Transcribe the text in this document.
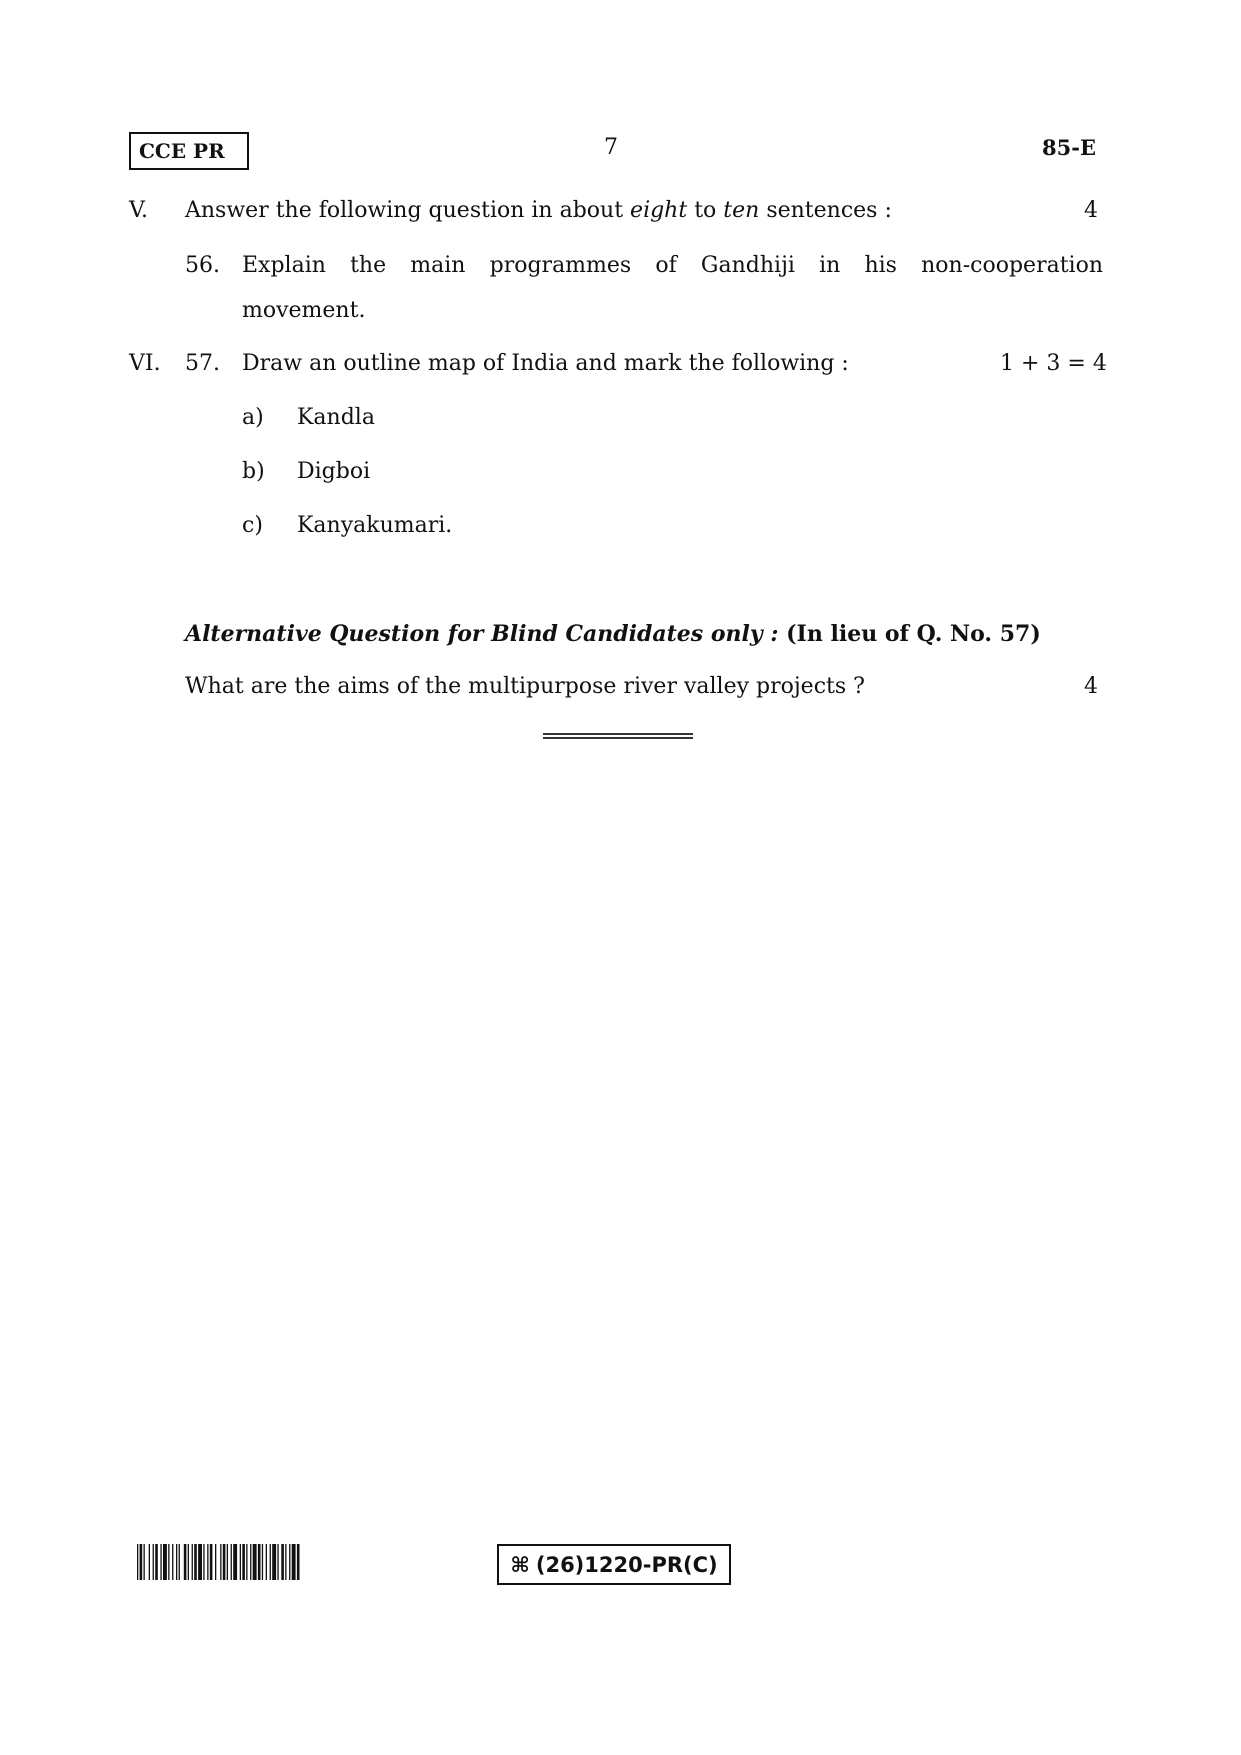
CCE PR	7	85-E
V. Answer the following question in about eight to ten sentences :	4
56. Explain the main programmes of Gandhiji in his non-cooperation
movement.
VI. 57. Draw an outline map of India and mark the following :	1 + 3 = 4
a) Kandla
b) Digboi
c) Kanyakumari.
Alternative Question for Blind Candidates only : (In lieu of Q. No. 57)
What are the aims of the multipurpose river valley projects ?	4
⌘ (26)1220-PR(C)
